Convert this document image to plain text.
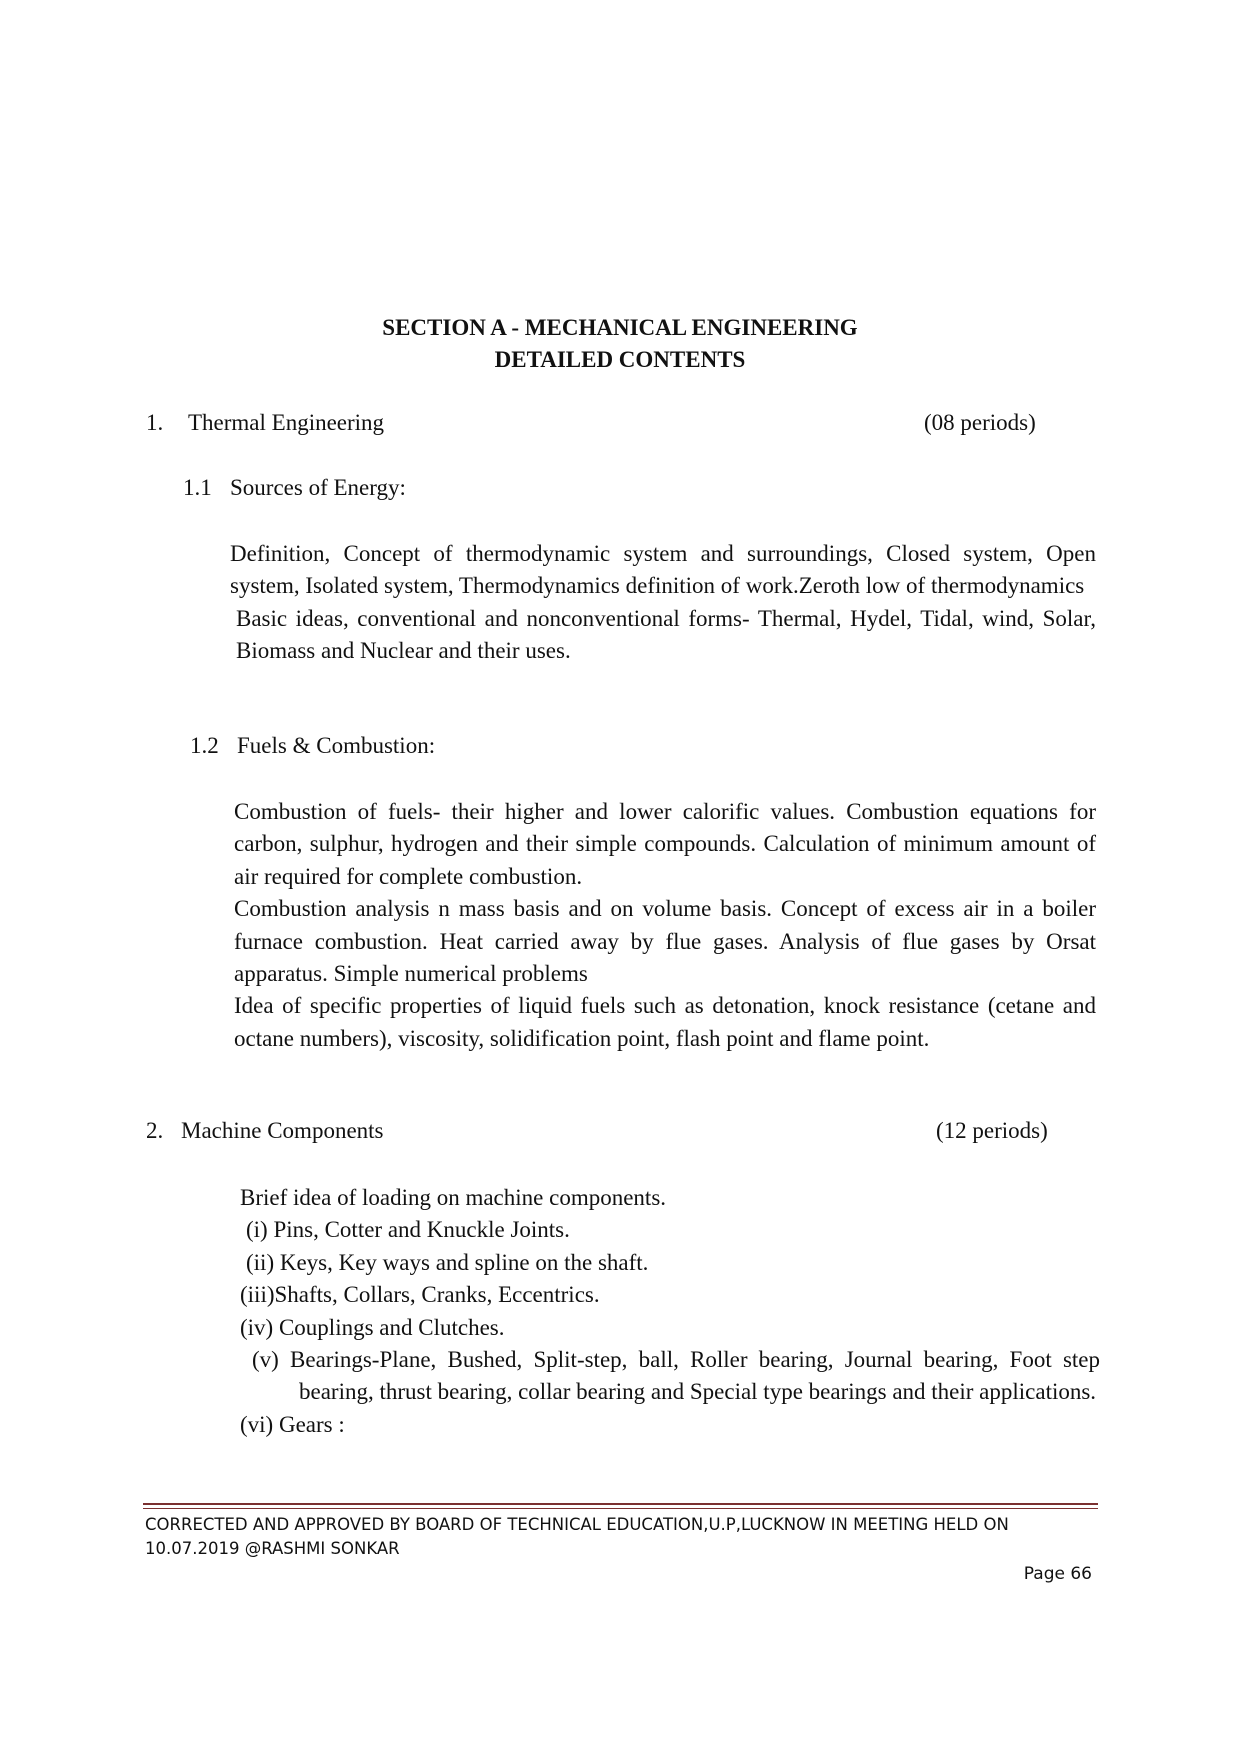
SECTION A - MECHANICAL ENGINEERING
DETAILED CONTENTS
1. Thermal Engineering	(08 periods)
1.1 Sources of Energy:

Definition, Concept of thermodynamic system and surroundings, Closed system, Open system, Isolated system, Thermodynamics definition of work.Zeroth low of thermodynamics

Basic ideas, conventional and nonconventional forms- Thermal, Hydel, Tidal, wind, Solar, Biomass and Nuclear and their uses.

1.2 Fuels & Combustion:

Combustion of fuels- their higher and lower calorific values. Combustion equations for carbon, sulphur, hydrogen and their simple compounds. Calculation of minimum amount of air required for complete combustion.

Combustion analysis n mass basis and on volume basis. Concept of excess air in a boiler furnace combustion. Heat carried away by flue gases. Analysis of flue gases by Orsat apparatus. Simple numerical problems

Idea of specific properties of liquid fuels such as detonation, knock resistance (cetane and octane numbers), viscosity, solidification point, flash point and flame point.

2. Machine Components	(12 periods)
Brief idea of loading on machine components.
(i) Pins, Cotter and Knuckle Joints.
(ii) Keys, Key ways and spline on the shaft.
(iii)Shafts, Collars, Cranks, Eccentrics.
(iv) Couplings and Clutches.
(v) Bearings-Plane, Bushed, Split-step, ball, Roller bearing, Journal bearing, Foot step bearing, thrust bearing, collar bearing and Special type bearings and their applications.
(vi) Gears :
CORRECTED AND APPROVED BY BOARD OF TECHNICAL EDUCATION,U.P,LUCKNOW IN MEETING HELD ON 10.07.2019 @RASHMI SONKAR
Page 66
